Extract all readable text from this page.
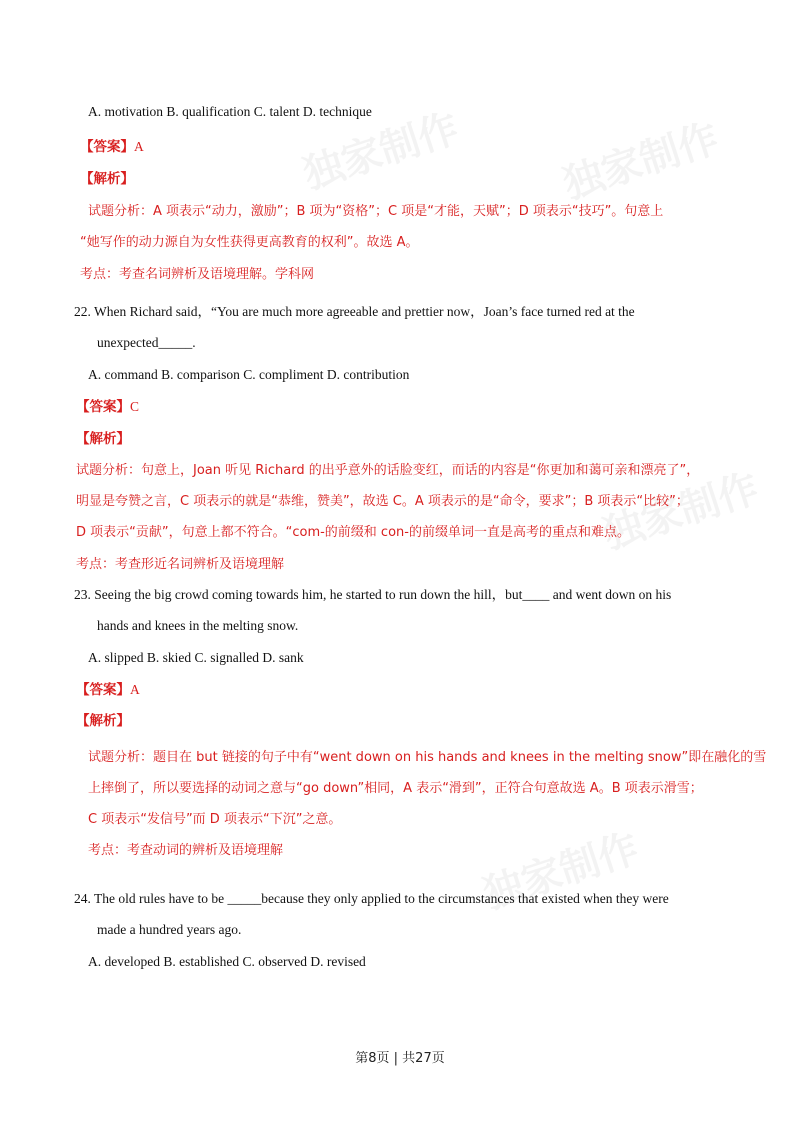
独家制作 独家制作
独家制作
独家制作
A. motivation B. qualification C. talent D. technique
【答案】A
【解析】
试题分析：A 项表示“动力，激励”；B 项为“资格”；C 项是“才能，天赋”；D 项表示“技巧”。句意上
“她写作的动力源自为女性获得更高教育的权利”。故选 A。
考点：考查名词辨析及语境理解。学科网
22. When Richard said，“You are much more agreeable and prettier now，Joan’s face turned red at the
unexpected_____.
A. command B. comparison C. compliment D. contribution
【答案】C
【解析】
试题分析：句意上，Joan 听见 Richard 的出乎意外的话脸变红，而话的内容是“你更加和蔼可亲和漂亮了”，
明显是夸赞之言，C 项表示的就是“恭维，赞美”，故选 C。A 项表示的是“命令，要求”；B 项表示“比较”；
D 项表示“贡献”，句意上都不符合。“com-的前缀和 con-的前缀单词一直是高考的重点和难点。
考点：考查形近名词辨析及语境理解
23. Seeing the big crowd coming towards him, he started to run down the hill，but____ and went down on his
hands and knees in the melting snow.
A. slipped B. skied C. signalled D. sank
【答案】A
【解析】
试题分析：题目在 but 链接的句子中有“went down on his hands and knees in the melting snow”即在融化的雪
上摔倒了，所以要选择的动词之意与“go down”相同，A 表示“滑到”，正符合句意故选 A。B 项表示滑雪；
C 项表示“发信号”而 D 项表示“下沉”之意。
考点：考查动词的辨析及语境理解
24. The old rules have to be _____because they only applied to the circumstances that existed when they were
made a hundred years ago.
A. developed B. established C. observed D. revised
第8页 | 共27页
